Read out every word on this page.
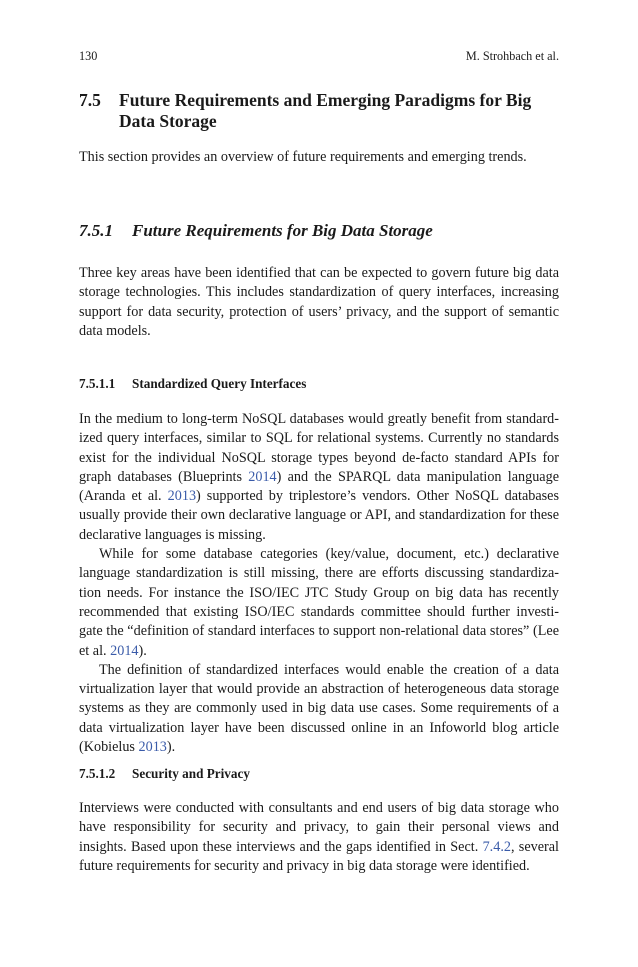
130	M. Strohbach et al.
7.5 Future Requirements and Emerging Paradigms for Big Data Storage

This section provides an overview of future requirements and emerging trends.

7.5.1 Future Requirements for Big Data Storage

Three key areas have been identified that can be expected to govern future big data storage technologies. This includes standardization of query interfaces, increasing support for data security, protection of users’ privacy, and the support of semantic data models.

7.5.1.1 Standardized Query Interfaces

In the medium to long-term NoSQL databases would greatly benefit from standard-ized query interfaces, similar to SQL for relational systems. Currently no standards exist for the individual NoSQL storage types beyond de-facto standard APIs for graph databases (Blueprints 2014) and the SPARQL data manipulation language (Aranda et al. 2013) supported by triplestore’s vendors. Other NoSQL databases usually provide their own declarative language or API, and standardization for these declarative languages is missing.

While for some database categories (key/value, document, etc.) declarative language standardization is still missing, there are efforts discussing standardiza-tion needs. For instance the ISO/IEC JTC Study Group on big data has recently recommended that existing ISO/IEC standards committee should further investi-gate the “definition of standard interfaces to support non-relational data stores” (Lee et al. 2014).

The definition of standardized interfaces would enable the creation of a data virtualization layer that would provide an abstraction of heterogeneous data storage systems as they are commonly used in big data use cases. Some requirements of a data virtualization layer have been discussed online in an Infoworld blog article (Kobielus 2013).

7.5.1.2 Security and Privacy

Interviews were conducted with consultants and end users of big data storage who have responsibility for security and privacy, to gain their personal views and insights. Based upon these interviews and the gaps identified in Sect. 7.4.2, several future requirements for security and privacy in big data storage were identified.
